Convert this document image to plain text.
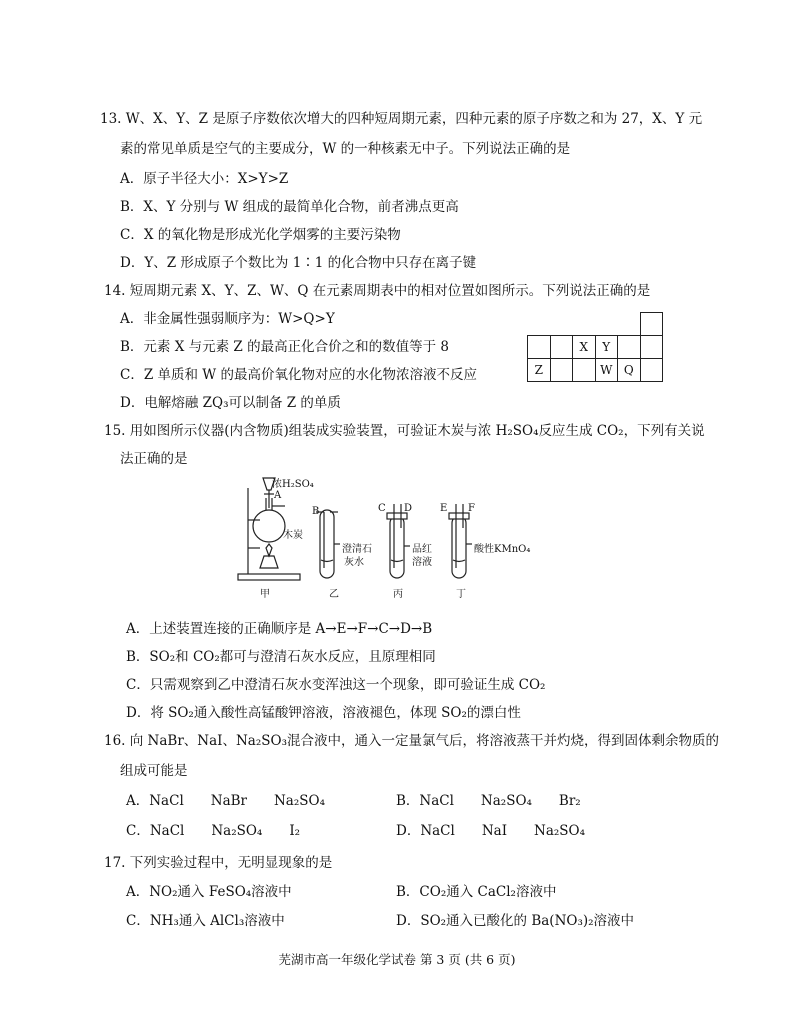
13. W、X、Y、Z 是原子序数依次增大的四种短周期元素，四种元素的原子序数之和为 27，X、Y 元
素的常见单质是空气的主要成分，W 的一种核素无中子。下列说法正确的是
A．原子半径大小：X>Y>Z
B．X、Y 分别与 W 组成的最简单化合物，前者沸点更高
C．X 的氧化物是形成光化学烟雾的主要污染物
D．Y、Z 形成原子个数比为 1∶1 的化合物中只存在离子键
14. 短周期元素 X、Y、Z、W、Q 在元素周期表中的相对位置如图所示。下列说法正确的是
A．非金属性强弱顺序为：W>Q>Y
B．元素 X 与元素 Z 的最高正化合价之和的数值等于 8
C．Z 单质和 W 的最高价氧化物对应的水化物浓溶液不反应
D．电解熔融 ZQ₃可以制备 Z 的单质

		X	Y		
Z			W	Q	
15. 用如图所示仪器(内含物质)组装成实验装置，可验证木炭与浓 H₂SO₄反应生成 CO₂，下列有关说
法正确的是
浓H₂SO₄
A
木炭
B	C D	E F
澄清石
灰水
品红
溶液
酸性KMnO₄
甲	乙	丙	丁
A．上述装置连接的正确顺序是 A→E→F→C→D→B
B．SO₂和 CO₂都可与澄清石灰水反应，且原理相同
C．只需观察到乙中澄清石灰水变浑浊这一个现象，即可验证生成 CO₂
D．将 SO₂通入酸性高锰酸钾溶液，溶液褪色，体现 SO₂的漂白性
16. 向 NaBr、NaI、Na₂SO₃混合液中，通入一定量氯气后，将溶液蒸干并灼烧，得到固体剩余物质的
组成可能是
A．NaCl　　NaBr　　Na₂SO₄	B．NaCl　　Na₂SO₄　　Br₂
C．NaCl　　Na₂SO₄　　I₂	D．NaCl　　NaI　　Na₂SO₄
17. 下列实验过程中，无明显现象的是
A．NO₂通入 FeSO₄溶液中	B．CO₂通入 CaCl₂溶液中
C．NH₃通入 AlCl₃溶液中	D．SO₂通入已酸化的 Ba(NO₃)₂溶液中
芜湖市高一年级化学试卷 第 3 页 (共 6 页)
